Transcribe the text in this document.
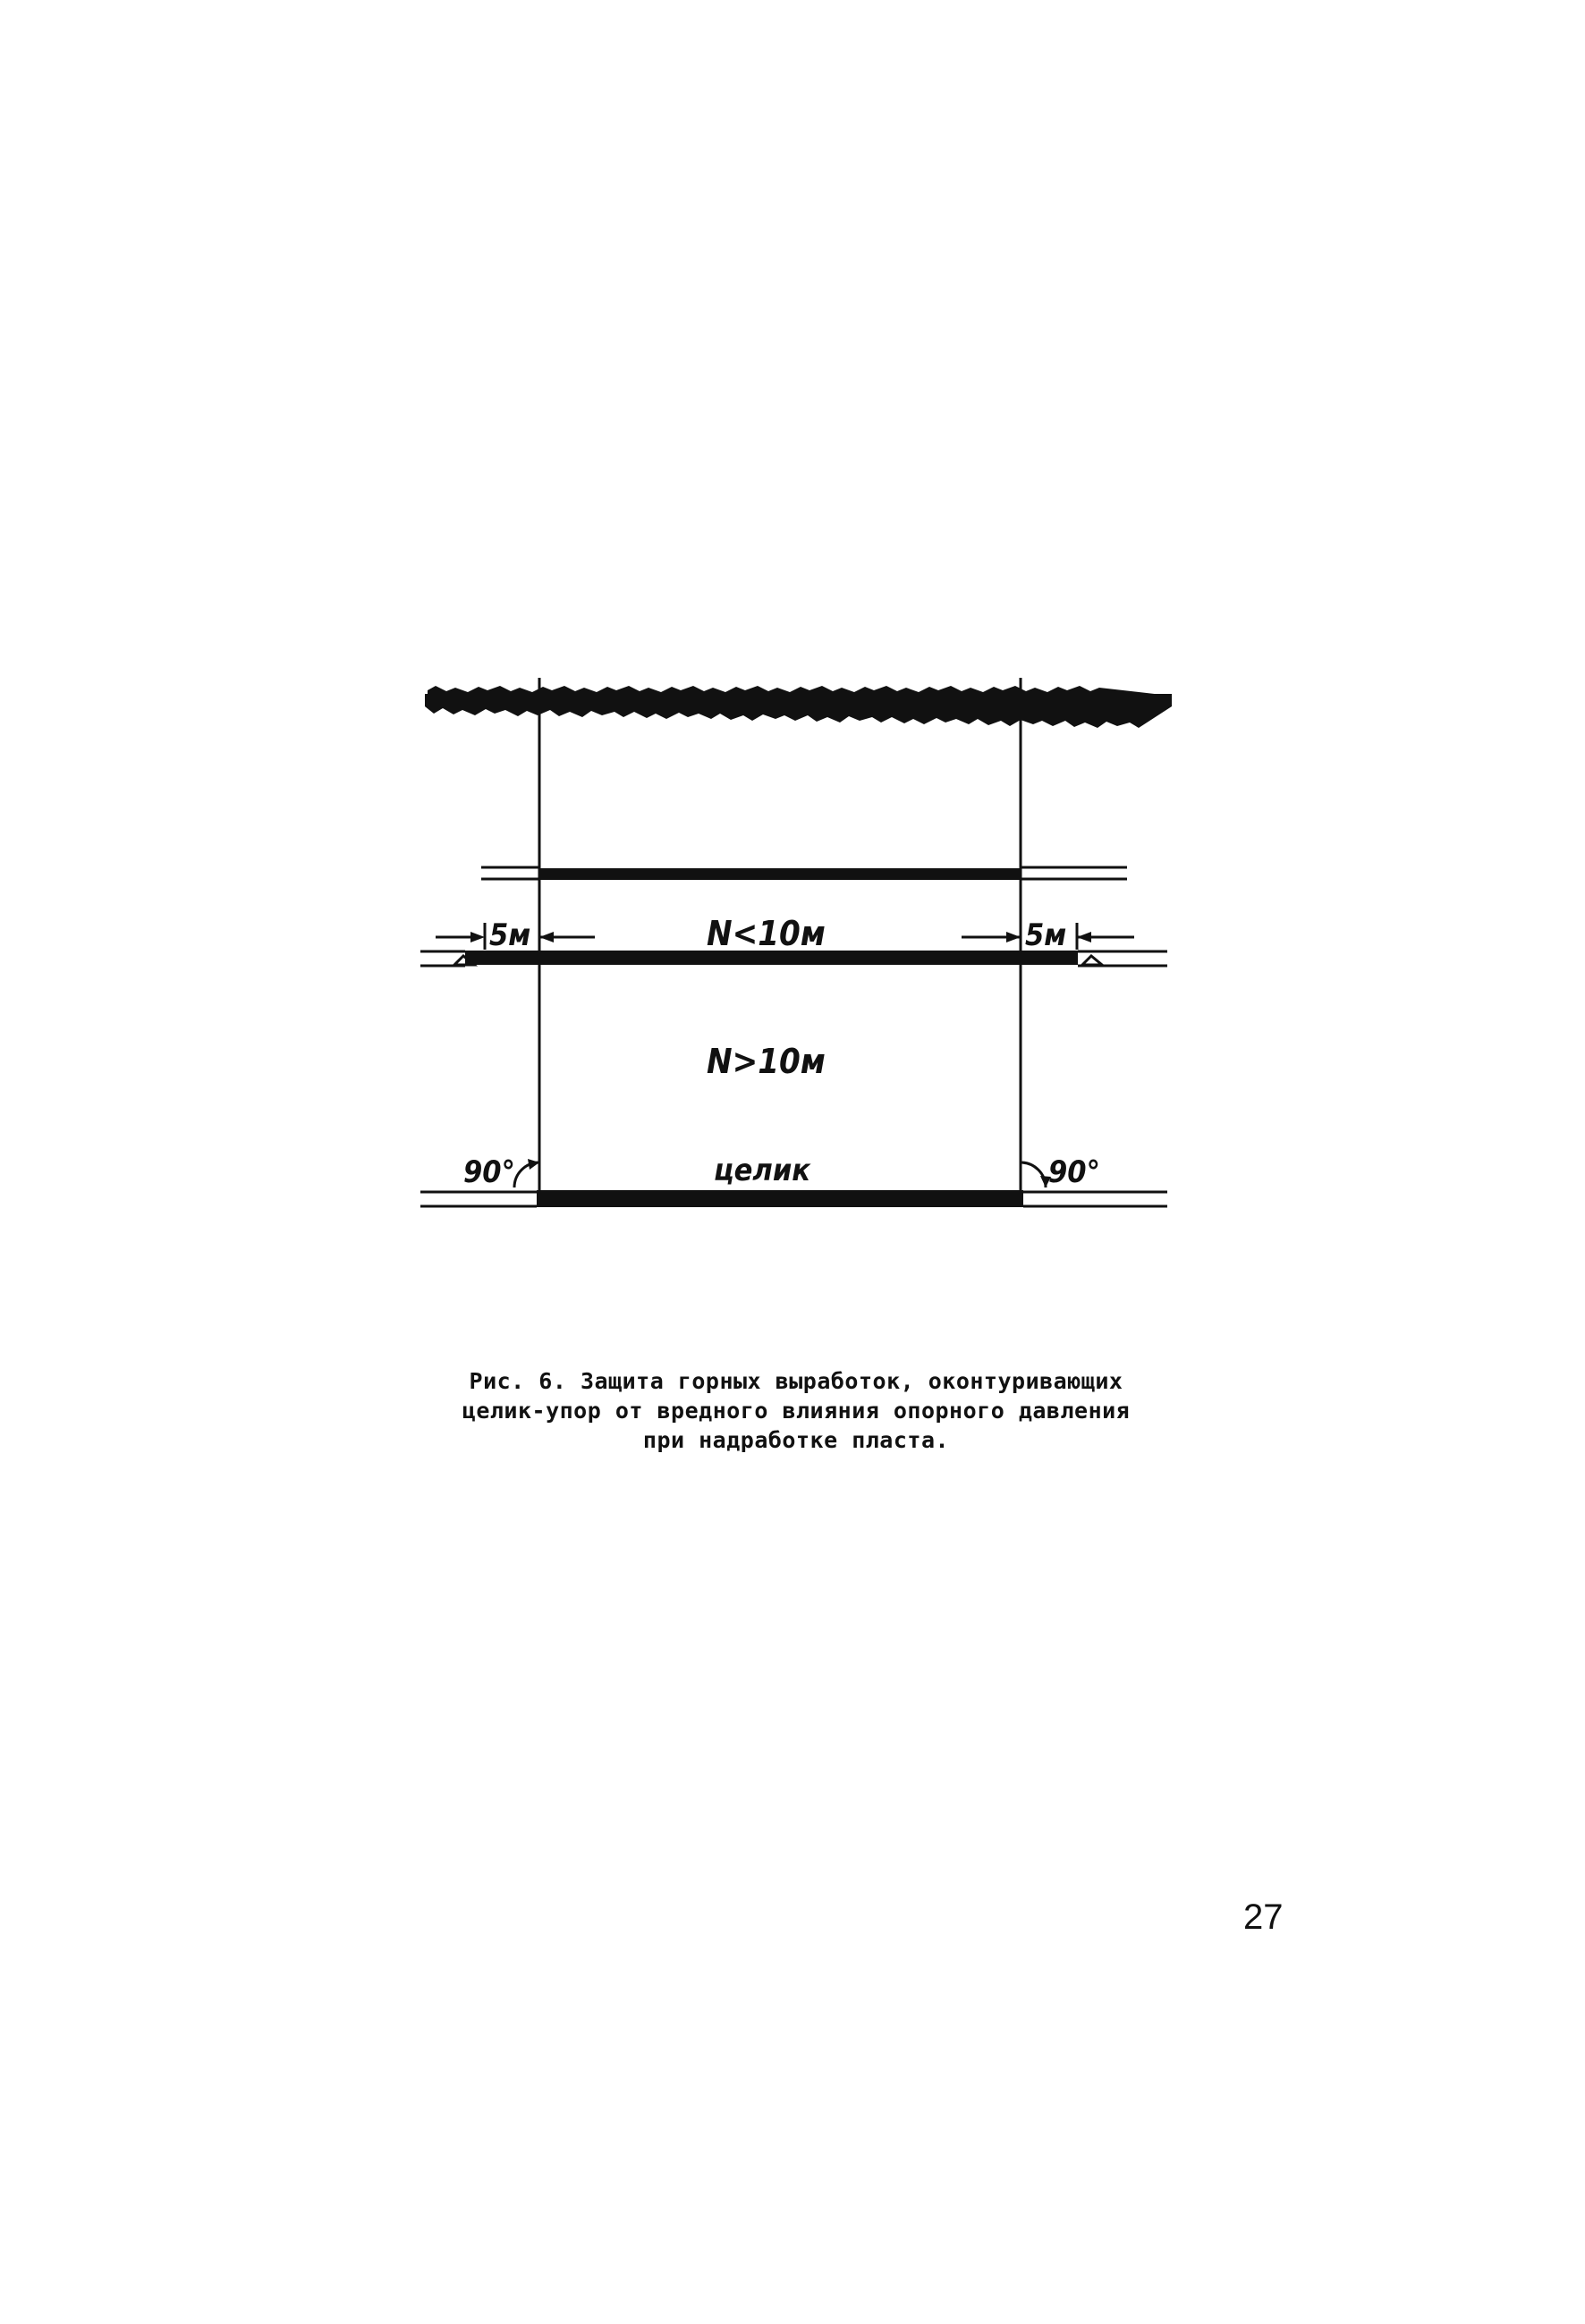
5м	5м
N<10м
N>10м
целик
90°	90°
Рис. 6. Защита горных выработок, оконтуривающих
целик-упор от вредного влияния опорного давления
при надработке пласта.
27
